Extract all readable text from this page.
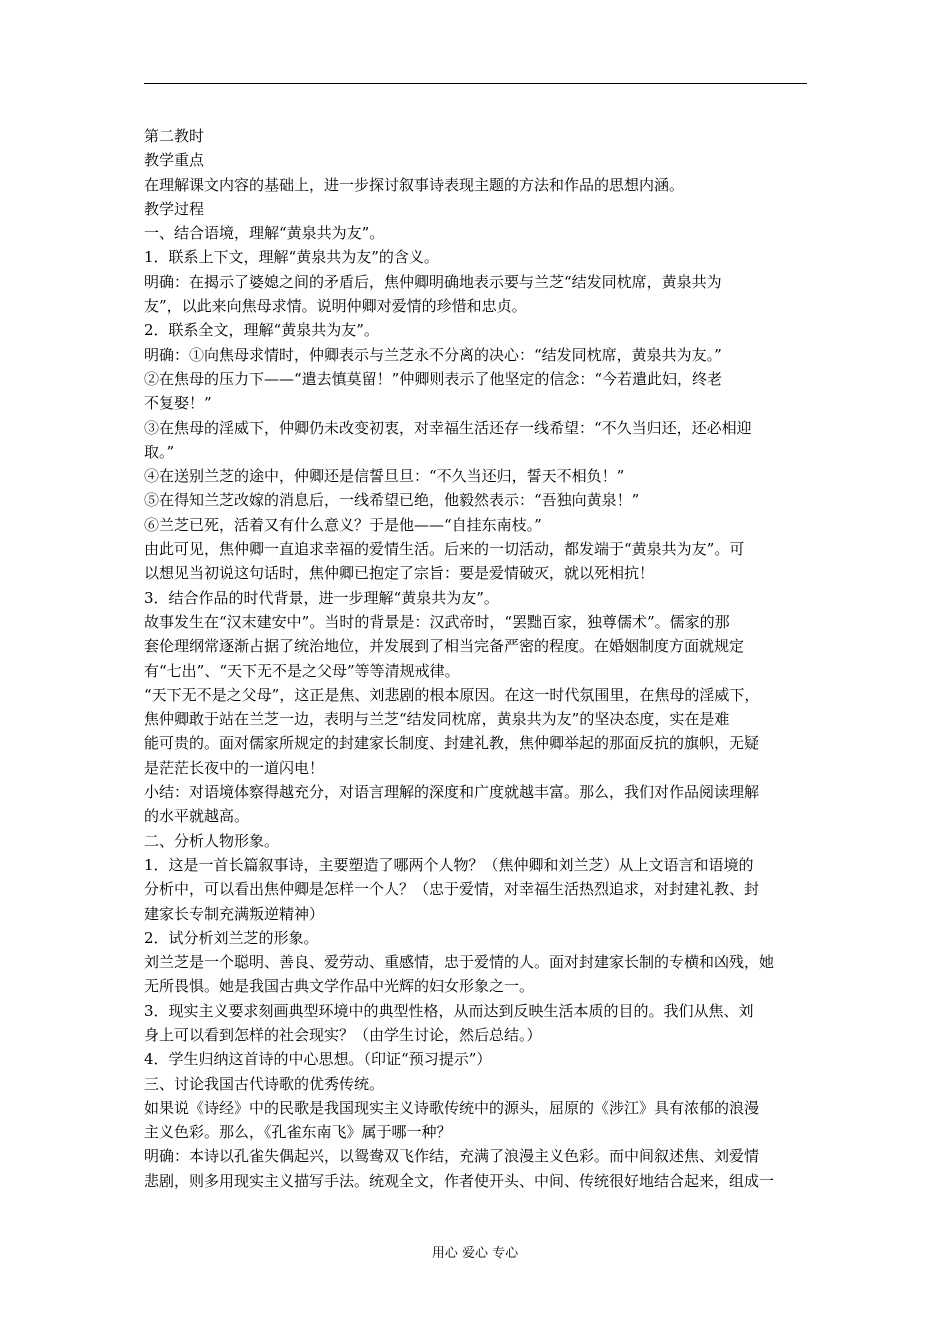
第二教时
教学重点
在理解课文内容的基础上，进一步探讨叙事诗表现主题的方法和作品的思想内涵。
教学过程
一、结合语境，理解“黄泉共为友”。
1．联系上下文，理解“黄泉共为友”的含义。
明确：在揭示了婆媳之间的矛盾后，焦仲卿明确地表示要与兰芝“结发同枕席，黄泉共为
友”，以此来向焦母求情。说明仲卿对爱情的珍惜和忠贞。
2．联系全文，理解“黄泉共为友”。
明确：①向焦母求情时，仲卿表示与兰芝永不分离的决心：“结发同枕席，黄泉共为友。”
②在焦母的压力下——“遣去慎莫留！”仲卿则表示了他坚定的信念：“今若遣此妇，终老
不复娶！”
③在焦母的淫威下，仲卿仍未改变初衷，对幸福生活还存一线希望：“不久当归还，还必相迎
取。”
④在送别兰芝的途中，仲卿还是信誓旦旦：“不久当还归，誓天不相负！”
⑤在得知兰芝改嫁的消息后，一线希望已绝，他毅然表示：“吾独向黄泉！”
⑥兰芝已死，活着又有什么意义？于是他——“自挂东南枝。”
由此可见，焦仲卿一直追求幸福的爱情生活。后来的一切活动，都发端于“黄泉共为友”。可
以想见当初说这句话时，焦仲卿已抱定了宗旨：要是爱情破灭，就以死相抗！
3．结合作品的时代背景，进一步理解“黄泉共为友”。
故事发生在“汉末建安中”。当时的背景是：汉武帝时，“罢黜百家，独尊儒术”。儒家的那
套伦理纲常逐渐占据了统治地位，并发展到了相当完备严密的程度。在婚姻制度方面就规定
有“七出”、“天下无不是之父母”等等清规戒律。
“天下无不是之父母”，这正是焦、刘悲剧的根本原因。在这一时代氛围里，在焦母的淫威下，
焦仲卿敢于站在兰芝一边，表明与兰芝“结发同枕席，黄泉共为友”的坚决态度，实在是难
能可贵的。面对儒家所规定的封建家长制度、封建礼教，焦仲卿举起的那面反抗的旗帜，无疑
是茫茫长夜中的一道闪电！
小结：对语境体察得越充分，对语言理解的深度和广度就越丰富。那么，我们对作品阅读理解
的水平就越高。
二、分析人物形象。
1．这是一首长篇叙事诗，主要塑造了哪两个人物？（焦仲卿和刘兰芝）从上文语言和语境的
分析中，可以看出焦仲卿是怎样一个人？（忠于爱情，对幸福生活热烈追求，对封建礼教、封
建家长专制充满叛逆精神）
2．试分析刘兰芝的形象。
刘兰芝是一个聪明、善良、爱劳动、重感情，忠于爱情的人。面对封建家长制的专横和凶残，她
无所畏惧。她是我国古典文学作品中光辉的妇女形象之一。
3．现实主义要求刻画典型环境中的典型性格，从而达到反映生活本质的目的。我们从焦、刘
身上可以看到怎样的社会现实？（由学生讨论，然后总结。）
4．学生归纳这首诗的中心思想。（印证“预习提示”）
三、讨论我国古代诗歌的优秀传统。
如果说《诗经》中的民歌是我国现实主义诗歌传统中的源头，屈原的《涉江》具有浓郁的浪漫
主义色彩。那么，《孔雀东南飞》属于哪一种？
明确：本诗以孔雀失偶起兴，以鸳鸯双飞作结，充满了浪漫主义色彩。而中间叙述焦、刘爱情
悲剧，则多用现实主义描写手法。统观全文，作者使开头、中间、传统很好地结合起来，组成一
用心 爱心 专心
